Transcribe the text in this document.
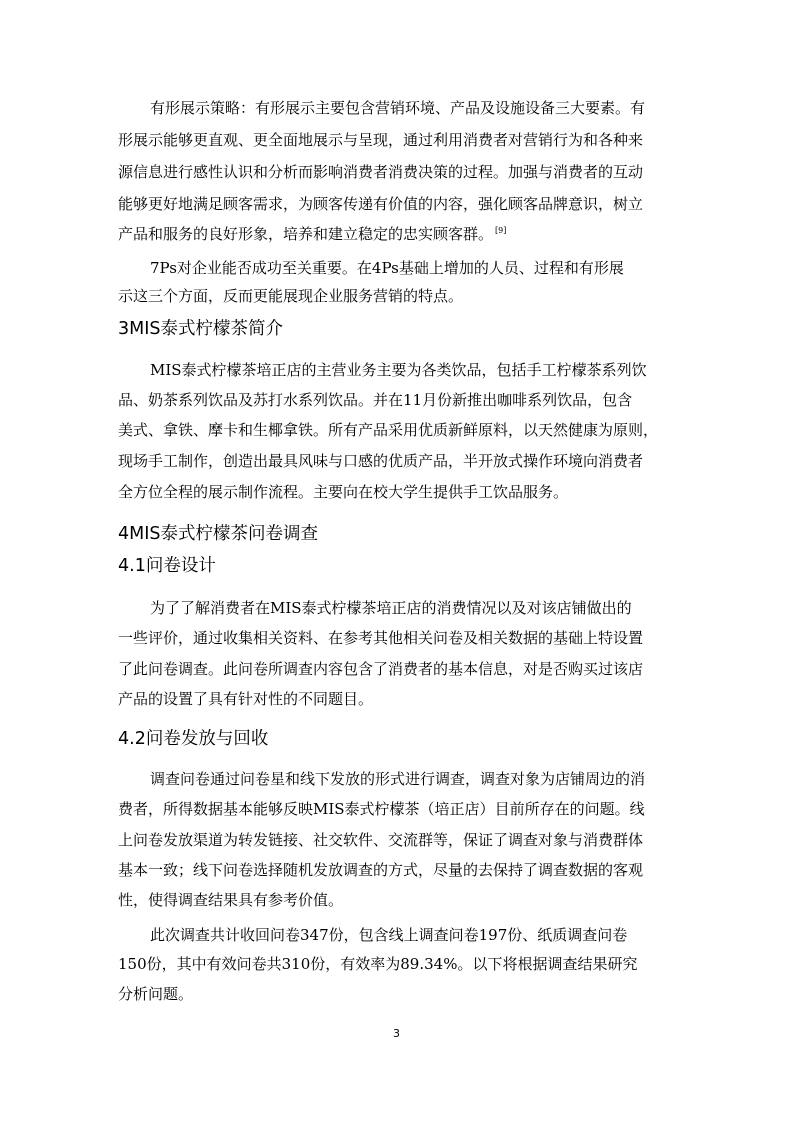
有形展示策略：有形展示主要包含营销环境、产品及设施设备三大要素。有
形展示能够更直观、更全面地展示与呈现，通过利用消费者对营销行为和各种来
源信息进行感性认识和分析而影响消费者消费决策的过程。加强与消费者的互动
能够更好地满足顾客需求，为顾客传递有价值的内容，强化顾客品牌意识，树立
产品和服务的良好形象，培养和建立稳定的忠实顾客群。 [9]
7Ps对企业能否成功至关重要。在4Ps基础上增加的人员、过程和有形展
示这三个方面，反而更能展现企业服务营销的特点。
3MIS泰式柠檬茶简介
MIS泰式柠檬茶培正店的主营业务主要为各类饮品，包括手工柠檬茶系列饮
品、奶茶系列饮品及苏打水系列饮品。并在11月份新推出咖啡系列饮品，包含
美式、拿铁、摩卡和生椰拿铁。所有产品采用优质新鲜原料，以天然健康为原则，
现场手工制作，创造出最具风味与口感的优质产品，半开放式操作环境向消费者
全方位全程的展示制作流程。主要向在校大学生提供手工饮品服务。
4MIS泰式柠檬茶问卷调查
4.1问卷设计
为了了解消费者在MIS泰式柠檬茶培正店的消费情况以及对该店铺做出的
一些评价，通过收集相关资料、在参考其他相关问卷及相关数据的基础上特设置
了此问卷调查。此问卷所调查内容包含了消费者的基本信息，对是否购买过该店
产品的设置了具有针对性的不同题目。
4.2问卷发放与回收
调查问卷通过问卷星和线下发放的形式进行调查，调查对象为店铺周边的消
费者，所得数据基本能够反映MIS泰式柠檬茶（培正店）目前所存在的问题。线
上问卷发放渠道为转发链接、社交软件、交流群等，保证了调查对象与消费群体
基本一致；线下问卷选择随机发放调查的方式，尽量的去保持了调查数据的客观
性，使得调查结果具有参考价值。
此次调查共计收回问卷347份，包含线上调查问卷197份、纸质调查问卷
150份，其中有效问卷共310份，有效率为89.34%。以下将根据调查结果研究
分析问题。
3
